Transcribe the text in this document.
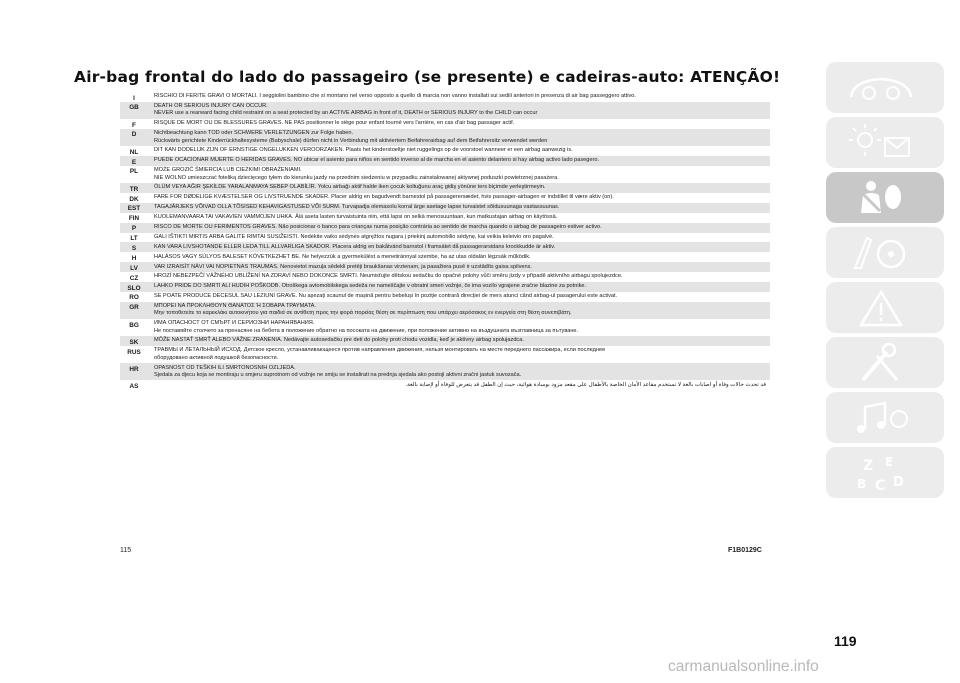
Air-bag frontal do lado do passageiro (se presente) e cadeiras-auto: ATENÇÃO!
I	RISCHIO DI FERITE GRAVI O MORTALI. I seggiolini bambino che si montano nel verso opposto a quello di marcia non vanno installati sui sedili anteriori in presenza di air bag passeggero attivo.
GB	DEATH OR SERIOUS INJURY CAN OCCUR.
NEVER use a rearward facing child restraint on a seat protected by an ACTIVE AIRBAG in front of it, DEATH or SERIOUS INJURY to the CHILD can occur
F	RISQUE DE MORT OU DE BLESSURES GRAVES. NE PAS positionner le siège pour enfant tourné vers l'arrière, en cas d'air bag passager actif.
D	Nichtbeachtung kann TOD oder SCHWERE VERLETZUNGEN zur Folge haben.
Rückwärts gerichtete Kinderrückhaltesysteme (Babyschale) dürfen nicht in Verbindung mit aktiviertem Beifahrerairbag auf dem Beifahrersitz verwendet werden
NL	DIT KAN DODELIJK ZIJN OF ERNSTIGE ONGELUKKEN VEROORZAKEN. Plaats het kinderstoeltje niet ruggelings op de voorstoel wanneer er een airbag aanwezig is.
E	PUEDE OCACIONAR MUERTE O HERIDAS GRAVES. NO ubicar el asiento para niños en sentido inverso al de marcha en el asiento delantero si hay airbag activo lado pasegero.
PL	MOŻE GROZIĆ ŚMIERCIA LUB CIEŻKIMI OBRAŻENIAMI.
NIE WOLNO umieszczać foteliką dziecięcego tyłem do kierunku jazdy na przednim siedzeniu w przypadku zainstalowanej aktywnej poduszki powietrznej pasażera.
TR	ÖLÜM VEYA AĞIR ŞEKİLDE YARALANMAYA SEBEP OLABİLİR. Yolcu airbağı aktif halde iken çocuk koltuğunu araç gidiş yönüne ters biçimde yerleştirmeyin.
DK	FARE FOR DØDELIGE KVÆSTELSER OG LIVSTRUENDE SKADER. Placer aldrig en bagudvendt barnestol på passagerersædet, hvis passager-airbagen er indstillet til være aktiv (on).
EST	TAGAJÄRJEKS VÕIVAD OLLA TÕSISED KEHAVIGASTUSED VÕI SURM. Turvapadja olemasolu korral ärge asetage lapse turvaistet sõidusuunaga vastassuunas.
FIN	KUOLEMANVAARA TAI VAKAVIEN VAMMOJEN UHKA. Älä aseta lasten turvaistuinta niin, että lapsi on selkä menosuuntaan, kun matkustajan airbag on käytössä.
P	RISCO DE MORTE OU FERIMENTOS GRAVES. Não posicionar o banco para crianças numa posição contrária ao sentido de marcha quando o airbag de passageiro estiver activo.
LT	GALI IŠTIKTI MIRTIS ARBA GALITE RIMTAI SUSIŽEISTI. Nedėkite vaiko sėdynės atgręžtos nugara į priekinį automobilio sėdynę, kai veikia keleivio oro pagalvė.
S	KAN VARA LIVSHOTANDE ELLER LEDA TILL ALLVARLIGA SKADOR. Placera aldrig en bakåtvänd barnstol i framsätet då passagerarsidans krockkudde är aktiv.
H	HALÁSOS VAGY SÚLYOS BALESET KÖVETKEZHET BE. Ne helyezzük a gyermekülést a menetiránnyal szembe, ha az utas oldalán légzsák működik.
LV	VAR IZRAISĪT NĀVI VAI NOPIETNAS TRAUMAS. Nenovietot mazuļa sēdekli pretēji braukšanas virzienam, ja pasažiera pusē ir uzstādīts gaisa spilvens.
CZ	HROZÍ NEBEZPEČÍ VÁŽNÉHO UBLÍŽENÍ NA ZDRAVÍ NEBO DOKONCE SMRTI. Neumisťujte dětskou sedačku do opačné polohy vůči směru jízdy v případě aktivního airbagu spolujezdce.
SLO	LAHKO PRIDE DO SMRTI ALI HUDIH POŠKODB. Otroškega avtomobilskega sedeža ne nameščajte v obratni smeri vožnje, če ima vozilo vgrajene zračne blazine za potnike.
RO	SE POATE PRODUCE DECESUL SAU LEZIUNI GRAVE. Nu așezați scaunul de mașină pentru bebeluși în poziție contrară direcției de mers atunci când airbag-ul pasagerului este activat.
GR	ΜΠΟΡΕΙ ΝΑ ΠΡΟΚΛΗΘΟΥΝ ΘΑΝΑΤΟΣ Ή ΣΟΒΑΡΑ ΤΡΑΥΜΑΤΑ.
Μην τοποθετείτε το καρεκλάκι αυτοκινήτου για παιδιά σε αντίθετη προς την φορά πορείας θέση σε περίπτωση που υπάρχει αερόσακος εν ενεργεία στη θέση συνεπιβάτη.
BG	ИМА ОПАСНОСТ ОТ СМЪРТ И СЕРИОЗНИ НАРАНЯВАНИЯ.
Не поставяйте столчето за пренасяне на бебета в положение обратно на посоката на движение, при положение активно на въздушната възглавница за пътуване.
SK	MÔŽE NASTAŤ SMRŤ ALEBO VÁŽNE ZRANENIA. Nedávajte autosedačku pre deti do polohy proti chodu vozidla, keď je aktívny airbag spolujazdca.
RUS	ТРАВМЫ И ЛЕТАЛЬНЫЙ ИСХОД. Детское кресло, устанавливающееся против направления движения, нельзя монтировать на месте переднего пассажира, если последнее
оборудовано активной подушкой безопасности.
HR	OPASNOST OD TEŠKIH ILI SMRTONOSNIH OZLJEDA.
Sjedala za djecu koja se montiraju u smjeru suprotnom od vožnje ne smiju se instalirati na prednja sjedala ako postoji aktivni zračni jastuk suvozača.
AS	قد تحدث حالات وفاة أو اصابات بالغة لا تستخدم مقاعد الأمان الخاصة بالأطفال على مقعد مزود بوسادة هوائية، حيث إن الطفل قد يتعرض للوفاة أو لإصابة بالغة.
115	F1B0129C
Z E
B C D
119
carmanualsonline.info
